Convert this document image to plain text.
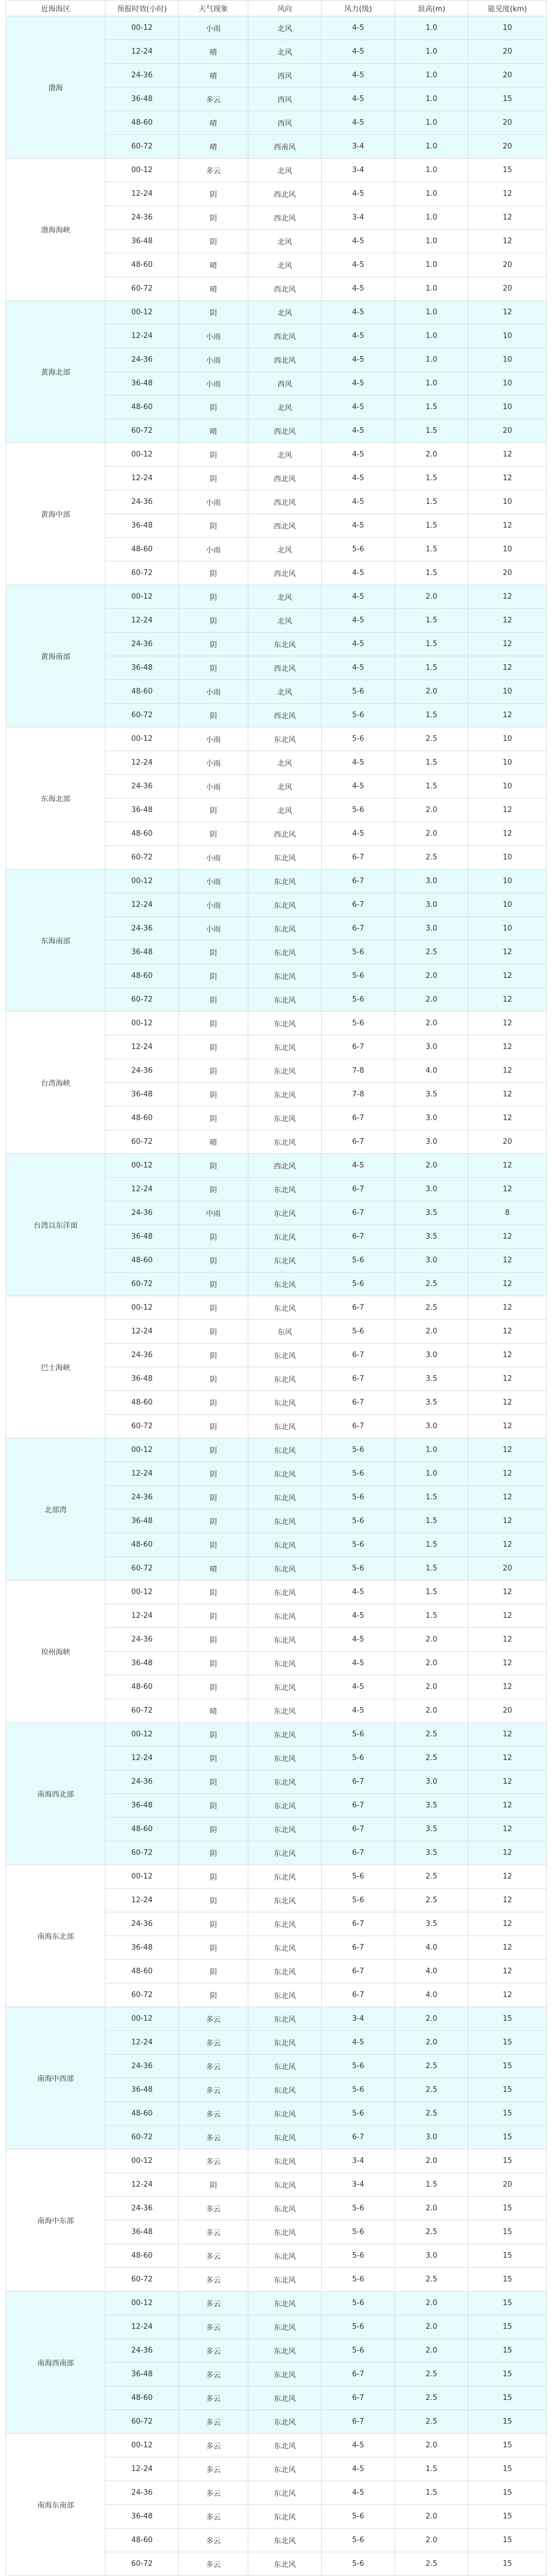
近海海区	预报时效(小时)	天气现象	风向	风力(级)	浪高(m)	能见度(km)
渤海	00-12	小雨	北风	4-5	1.0	10
	12-24	晴	北风	4-5	1.0	20
	24-36	晴	西风	4-5	1.0	20
	36-48	多云	西风	4-5	1.0	15
	48-60	晴	西风	4-5	1.0	20
	60-72	晴	西南风	3-4	1.0	20
渤海海峡	00-12	多云	北风	3-4	1.0	15
	12-24	阴	西北风	4-5	1.0	12
	24-36	阴	西北风	3-4	1.0	12
	36-48	阴	北风	4-5	1.0	12
	48-60	晴	北风	4-5	1.0	20
	60-72	晴	西北风	4-5	1.0	20
黄海北部	00-12	阴	北风	4-5	1.0	12
	12-24	小雨	西北风	4-5	1.0	10
	24-36	小雨	西北风	4-5	1.0	10
	36-48	小雨	西风	4-5	1.0	10
	48-60	阴	北风	4-5	1.5	10
	60-72	晴	西北风	4-5	1.5	20
黄海中部	00-12	阴	北风	4-5	2.0	12
	12-24	阴	西北风	4-5	1.5	12
	24-36	小雨	西北风	4-5	1.5	10
	36-48	阴	西北风	4-5	1.5	12
	48-60	小雨	北风	5-6	1.5	10
	60-72	阴	西北风	4-5	1.5	20
黄海南部	00-12	阴	北风	4-5	2.0	12
	12-24	阴	北风	4-5	1.5	12
	24-36	阴	东北风	4-5	1.5	12
	36-48	阴	西北风	4-5	1.5	12
	48-60	小雨	北风	5-6	2.0	10
	60-72	阴	西北风	5-6	1.5	12
东海北部	00-12	小雨	东北风	5-6	2.5	10
	12-24	小雨	北风	4-5	1.5	10
	24-36	小雨	北风	4-5	1.5	10
	36-48	阴	北风	5-6	2.0	12
	48-60	阴	西北风	4-5	2.0	12
	60-72	小雨	东北风	6-7	2.5	10
东海南部	00-12	小雨	东北风	6-7	3.0	10
	12-24	小雨	东北风	6-7	3.0	10
	24-36	小雨	东北风	6-7	3.0	10
	36-48	阴	东北风	5-6	2.5	12
	48-60	阴	东北风	5-6	2.0	12
	60-72	阴	东北风	5-6	2.0	12
台湾海峡	00-12	阴	东北风	5-6	2.0	12
	12-24	阴	东北风	6-7	3.0	12
	24-36	阴	东北风	7-8	4.0	12
	36-48	阴	东北风	7-8	3.5	12
	48-60	阴	东北风	6-7	3.0	12
	60-72	晴	东北风	6-7	3.0	20
台湾以东洋面	00-12	阴	西北风	4-5	2.0	12
	12-24	阴	东北风	6-7	3.0	12
	24-36	中雨	东北风	6-7	3.5	8
	36-48	阴	东北风	6-7	3.5	12
	48-60	阴	东北风	5-6	3.0	12
	60-72	阴	东北风	5-6	2.5	12
巴士海峡	00-12	阴	东北风	6-7	2.5	12
	12-24	阴	东风	5-6	2.0	12
	24-36	阴	东北风	6-7	3.0	12
	36-48	阴	东北风	6-7	3.5	12
	48-60	阴	东北风	6-7	3.5	12
	60-72	阴	东北风	6-7	3.0	12
北部湾	00-12	阴	东北风	5-6	1.0	12
	12-24	阴	东北风	5-6	1.0	12
	24-36	阴	东北风	5-6	1.5	12
	36-48	阴	东北风	5-6	1.5	12
	48-60	阴	东北风	5-6	1.5	12
	60-72	晴	东北风	5-6	1.5	20
琼州海峡	00-12	阴	东北风	4-5	1.5	12
	12-24	阴	东北风	4-5	1.5	12
	24-36	阴	东北风	4-5	2.0	12
	36-48	阴	东北风	4-5	2.0	12
	48-60	阴	东北风	4-5	2.0	12
	60-72	晴	东北风	4-5	2.0	20
南海西北部	00-12	阴	东北风	5-6	2.5	12
	12-24	阴	东北风	5-6	2.5	12
	24-36	阴	东北风	6-7	3.0	12
	36-48	阴	东北风	6-7	3.5	12
	48-60	阴	东北风	6-7	3.5	12
	60-72	阴	东北风	6-7	3.5	12
南海东北部	00-12	阴	东北风	5-6	2.5	12
	12-24	阴	东北风	5-6	2.5	12
	24-36	阴	东北风	6-7	3.5	12
	36-48	阴	东北风	6-7	4.0	12
	48-60	阴	东北风	6-7	4.0	12
	60-72	阴	东北风	6-7	4.0	12
南海中西部	00-12	多云	东北风	3-4	2.0	15
	12-24	多云	东北风	4-5	2.0	15
	24-36	多云	东北风	5-6	2.5	15
	36-48	多云	东北风	5-6	2.5	15
	48-60	多云	东北风	5-6	2.5	15
	60-72	多云	东北风	6-7	3.0	15
南海中东部	00-12	多云	东北风	3-4	2.0	15
	12-24	阴	东北风	3-4	1.5	20
	24-36	多云	东北风	5-6	2.0	15
	36-48	多云	东北风	5-6	2.5	15
	48-60	多云	东北风	5-6	3.0	15
	60-72	多云	东北风	5-6	2.5	15
南海西南部	00-12	多云	东北风	5-6	2.0	15
	12-24	多云	东北风	5-6	2.0	15
	24-36	多云	东北风	5-6	2.0	15
	36-48	多云	东北风	6-7	2.5	15
	48-60	多云	东北风	6-7	2.5	15
	60-72	多云	东北风	6-7	2.5	15
南海东南部	00-12	多云	东北风	4-5	2.0	15
	12-24	多云	东北风	4-5	1.5	15
	24-36	多云	东北风	4-5	1.5	15
	36-48	多云	东北风	5-6	2.0	15
	48-60	多云	东北风	5-6	2.0	15
	60-72	多云	东北风	5-6	2.5	15
